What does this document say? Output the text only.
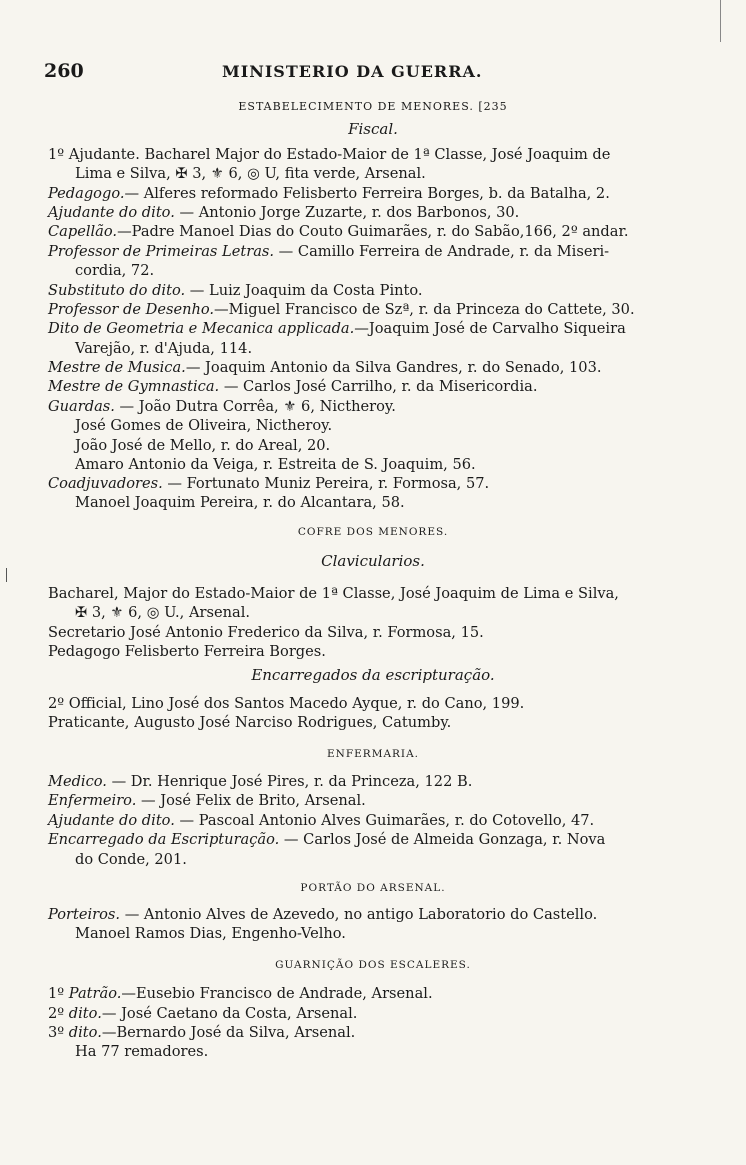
260	MINISTERIO DA GUERRA.
ESTABELECIMENTO DE MENORES. [235
Fiscal.
1º Ajudante. Bacharel Major do Estado-Maior de 1ª Classe, José Joaquim de
Lima e Silva, ✠ 3, ⚜ 6, ◎ U, fita verde, Arsenal.
Pedagogo.— Alferes reformado Felisberto Ferreira Borges, b. da Batalha, 2.
Ajudante do dito. — Antonio Jorge Zuzarte, r. dos Barbonos, 30.
Capellão.—Padre Manoel Dias do Couto Guimarães, r. do Sabão,166, 2º andar.
Professor de Primeiras Letras. — Camillo Ferreira de Andrade, r. da Miseri-
cordia, 72.
Substituto do dito. — Luiz Joaquim da Costa Pinto.
Professor de Desenho.—Miguel Francisco de Szª, r. da Princeza do Cattete, 30.
Dito de Geometria e Mecanica applicada.—Joaquim José de Carvalho Siqueira
Varejão, r. d'Ajuda, 114.
Mestre de Musica.— Joaquim Antonio da Silva Gandres, r. do Senado, 103.
Mestre de Gymnastica. — Carlos José Carrilho, r. da Misericordia.
Guardas. — João Dutra Corrêa, ⚜ 6, Nictheroy.
José Gomes de Oliveira, Nictheroy.
João José de Mello, r. do Areal, 20.
Amaro Antonio da Veiga, r. Estreita de S. Joaquim, 56.
Coadjuvadores. — Fortunato Muniz Pereira, r. Formosa, 57.
Manoel Joaquim Pereira, r. do Alcantara, 58.
COFRE DOS MENORES.
Clavicularios.
Bacharel, Major do Estado-Maior de 1ª Classe, José Joaquim de Lima e Silva,
✠ 3, ⚜ 6, ◎ U., Arsenal.
Secretario José Antonio Frederico da Silva, r. Formosa, 15.
Pedagogo Felisberto Ferreira Borges.
Encarregados da escripturação.
2º Official, Lino José dos Santos Macedo Ayque, r. do Cano, 199.
Praticante, Augusto José Narciso Rodrigues, Catumby.
ENFERMARIA.
Medico. — Dr. Henrique José Pires, r. da Princeza, 122 B.
Enfermeiro. — José Felix de Brito, Arsenal.
Ajudante do dito. — Pascoal Antonio Alves Guimarães, r. do Cotovello, 47.
Encarregado da Escripturação. — Carlos José de Almeida Gonzaga, r. Nova
do Conde, 201.
PORTÃO DO ARSENAL.
Porteiros. — Antonio Alves de Azevedo, no antigo Laboratorio do Castello.
Manoel Ramos Dias, Engenho-Velho.
GUARNIÇÃO DOS ESCALERES.
1º Patrão.—Eusebio Francisco de Andrade, Arsenal.
2º dito.— José Caetano da Costa, Arsenal.
3º dito.—Bernardo José da Silva, Arsenal.
Ha 77 remadores.
